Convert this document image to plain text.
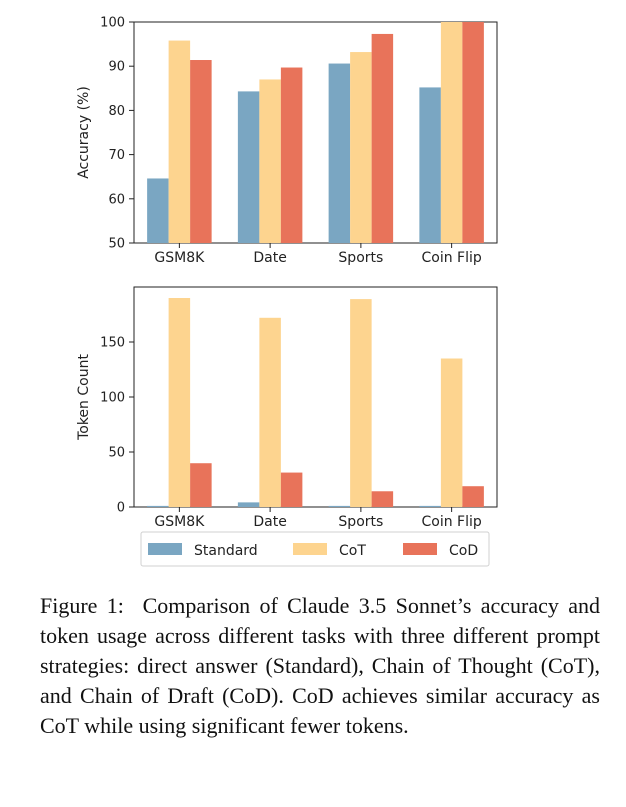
50
60
70
80
90
100
Accuracy (%)
GSM8K	Date	Sports	Coin Flip
0
50
100
150
Token Count
GSM8K	Date	Sports	Coin Flip
Standard	CoT	CoD

Figure 1: Comparison of Claude 3.5 Sonnet’s accuracy and token usage across different tasks with three different prompt strategies: direct answer (Standard), Chain of Thought (CoT), and Chain of Draft (CoD). CoD achieves similar accuracy as CoT while using significant fewer tokens.
